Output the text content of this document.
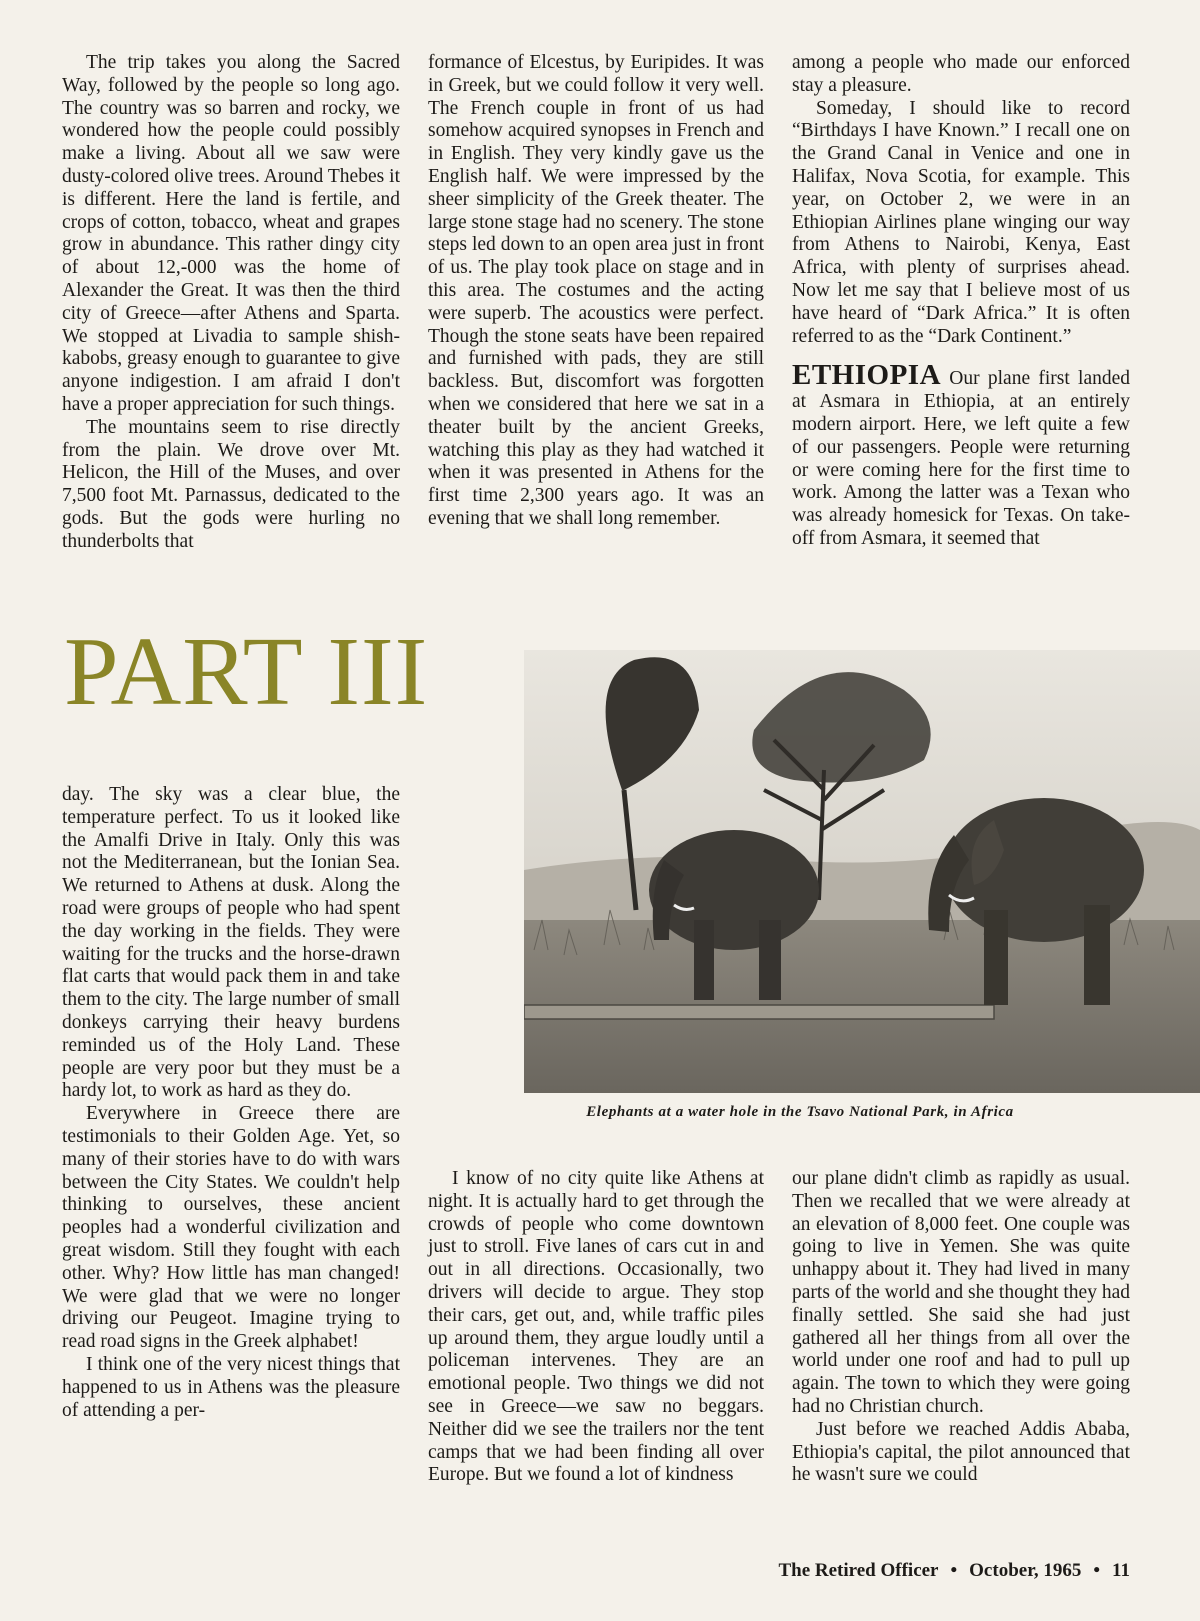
The trip takes you along the Sacred Way, followed by the people so long ago. The country was so barren and rocky, we wondered how the people could possibly make a living. About all we saw were dusty-colored olive trees. Around Thebes it is different. Here the land is fertile, and crops of cotton, tobacco, wheat and grapes grow in abundance. This rather dingy city of about 12,-000 was the home of Alexander the Great. It was then the third city of Greece—after Athens and Sparta. We stopped at Livadia to sample shish-kabobs, greasy enough to guarantee to give anyone indigestion. I am afraid I don't have a proper appreciation for such things.

The mountains seem to rise directly from the plain. We drove over Mt. Helicon, the Hill of the Muses, and over 7,500 foot Mt. Parnassus, dedicated to the gods. But the gods were hurling no thunderbolts that

formance of Elcestus, by Euripides. It was in Greek, but we could follow it very well. The French couple in front of us had somehow acquired synopses in French and in English. They very kindly gave us the English half. We were impressed by the sheer simplicity of the Greek theater. The large stone stage had no scenery. The stone steps led down to an open area just in front of us. The play took place on stage and in this area. The costumes and the acting were superb. The acoustics were perfect. Though the stone seats have been repaired and furnished with pads, they are still backless. But, discomfort was forgotten when we considered that here we sat in a theater built by the ancient Greeks, watching this play as they had watched it when it was presented in Athens for the first time 2,300 years ago. It was an evening that we shall long remember.

among a people who made our enforced stay a pleasure.

Someday, I should like to record “Birthdays I have Known.” I recall one on the Grand Canal in Venice and one in Halifax, Nova Scotia, for example. This year, on October 2, we were in an Ethiopian Airlines plane winging our way from Athens to Nairobi, Kenya, East Africa, with plenty of surprises ahead. Now let me say that I believe most of us have heard of “Dark Africa.” It is often referred to as the “Dark Continent.”

ETHIOPIA Our plane first landed at Asmara in Ethiopia, at an entirely modern airport. Here, we left quite a few of our passengers. People were returning or were coming here for the first time to work. Among the latter was a Texan who was already homesick for Texas. On take-off from Asmara, it seemed that

PART III
Elephants at a water hole in the Tsavo National Park, in Africa

day. The sky was a clear blue, the temperature perfect. To us it looked like the Amalfi Drive in Italy. Only this was not the Mediterranean, but the Ionian Sea. We returned to Athens at dusk. Along the road were groups of people who had spent the day working in the fields. They were waiting for the trucks and the horse-drawn flat carts that would pack them in and take them to the city. The large number of small donkeys carrying their heavy burdens reminded us of the Holy Land. These people are very poor but they must be a hardy lot, to work as hard as they do.

Everywhere in Greece there are testimonials to their Golden Age. Yet, so many of their stories have to do with wars between the City States. We couldn't help thinking to ourselves, these ancient peoples had a wonderful civilization and great wisdom. Still they fought with each other. Why? How little has man changed! We were glad that we were no longer driving our Peugeot. Imagine trying to read road signs in the Greek alphabet!

I think one of the very nicest things that happened to us in Athens was the pleasure of attending a per-

I know of no city quite like Athens at night. It is actually hard to get through the crowds of people who come downtown just to stroll. Five lanes of cars cut in and out in all directions. Occasionally, two drivers will decide to argue. They stop their cars, get out, and, while traffic piles up around them, they argue loudly until a policeman intervenes. They are an emotional people. Two things we did not see in Greece—we saw no beggars. Neither did we see the trailers nor the tent camps that we had been finding all over Europe. But we found a lot of kindness

our plane didn't climb as rapidly as usual. Then we recalled that we were already at an elevation of 8,000 feet. One couple was going to live in Yemen. She was quite unhappy about it. They had lived in many parts of the world and she thought they had finally settled. She said she had just gathered all her things from all over the world under one roof and had to pull up again. The town to which they were going had no Christian church.

Just before we reached Addis Ababa, Ethiopia's capital, the pilot announced that he wasn't sure we could

The Retired Officer • October, 1965 • 11
